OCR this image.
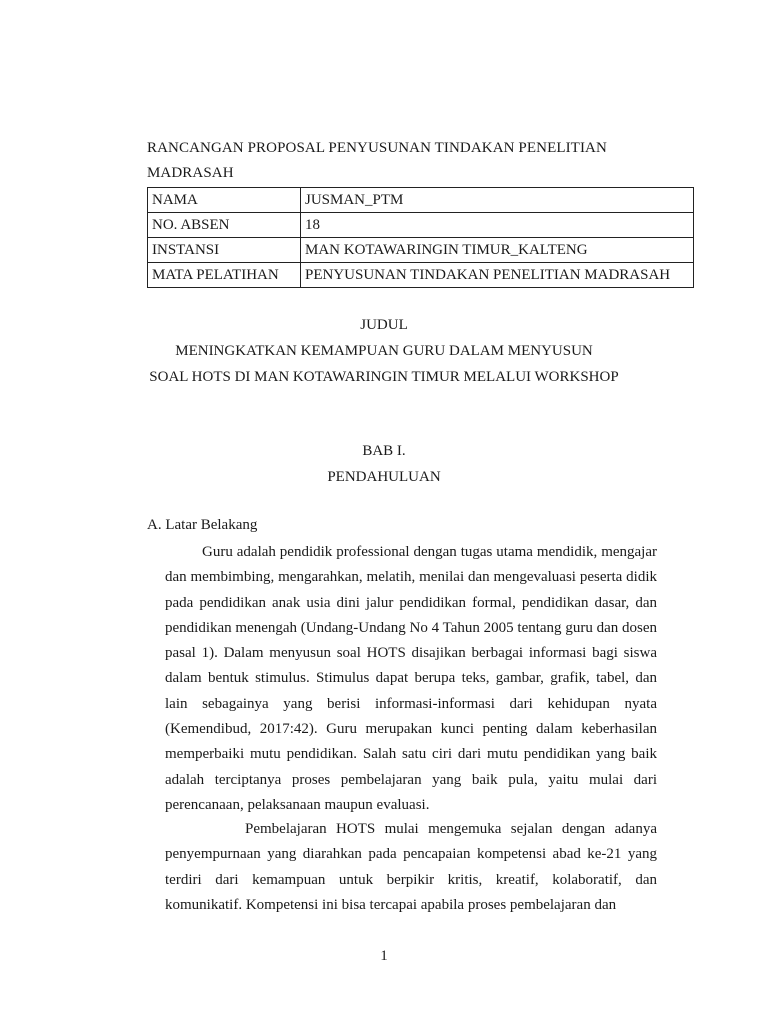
RANCANGAN PROPOSAL PENYUSUNAN TINDAKAN PENELITIAN MADRASAH
NAMA	JUSMAN_PTM
NO. ABSEN	18
INSTANSI	MAN KOTAWARINGIN TIMUR_KALTENG
MATA PELATIHAN	PENYUSUNAN TINDAKAN PENELITIAN MADRASAH
JUDUL
MENINGKATKAN KEMAMPUAN GURU DALAM MENYUSUN
SOAL HOTS DI MAN KOTAWARINGIN TIMUR MELALUI WORKSHOP
BAB I.
PENDAHULUAN
A. Latar Belakang

Guru adalah pendidik professional dengan tugas utama mendidik, mengajar dan membimbing, mengarahkan, melatih, menilai dan mengevaluasi peserta didik pada pendidikan anak usia dini jalur pendidikan formal, pendidikan dasar, dan pendidikan menengah (Undang-Undang No 4 Tahun 2005 tentang guru dan dosen pasal 1). Dalam menyusun soal HOTS disajikan berbagai informasi bagi siswa dalam bentuk stimulus. Stimulus dapat berupa teks, gambar, grafik, tabel, dan lain sebagainya yang berisi informasi-informasi dari kehidupan nyata (Kemendibud, 2017:42). Guru merupakan kunci penting dalam keberhasilan memperbaiki mutu pendidikan. Salah satu ciri dari mutu pendidikan yang baik adalah terciptanya proses pembelajaran yang baik pula, yaitu mulai dari perencanaan, pelaksanaan maupun evaluasi.

Pembelajaran HOTS mulai mengemuka sejalan dengan adanya penyempurnaan yang diarahkan pada pencapaian kompetensi abad ke-21 yang terdiri dari kemampuan untuk berpikir kritis, kreatif, kolaboratif, dan komunikatif. Kompetensi ini bisa tercapai apabila proses pembelajaran dan

1
